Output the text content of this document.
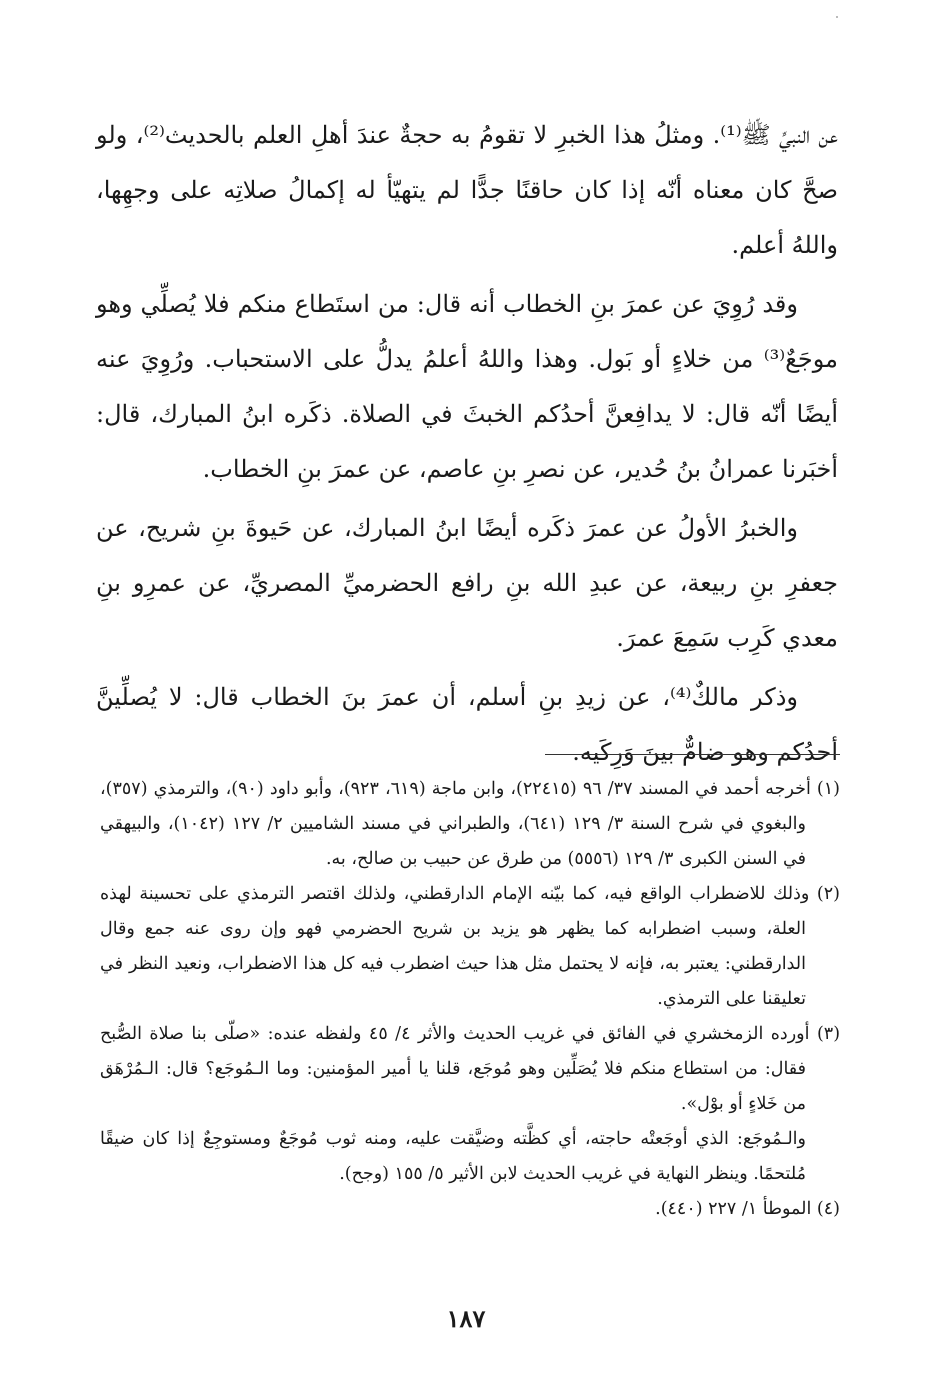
عن النبيِّ ﷺ⁽¹⁾. ومثلُ هذا الخبرِ لا تقومُ به حجةٌ عندَ أهلِ العلم بالحديث⁽²⁾، ولو صحَّ كان معناه أنّه إذا كان حاقنًا جدًّا لم يتهيّأ له إكمالُ صلاتِه على وجهِها، واللهُ أعلم.

وقد رُوِيَ عن عمرَ بنِ الخطاب أنه قال: من استَطاع منكم فلا يُصلِّي وهو موجَعٌ⁽³⁾ من خلاءٍ أو بَول. وهذا واللهُ أعلمُ يدلُّ على الاستحباب. ورُوِيَ عنه أيضًا أنّه قال: لا يدافِعنَّ أحدُكم الخبثَ في الصلاة. ذكَره ابنُ المبارك، قال: أخبَرنا عمرانُ بنُ حُدير، عن نصرِ بنِ عاصم، عن عمرَ بنِ الخطاب.

والخبرُ الأولُ عن عمرَ ذكَره أيضًا ابنُ المبارك، عن حَيوةَ بنِ شريح، عن جعفرِ بنِ ربيعة، عن عبدِ الله بنِ رافع الحضرميِّ المصريِّ، عن عمرِو بنِ معدي كَرِب سَمِعَ عمرَ.

وذكر مالكٌ⁽⁴⁾، عن زيدِ بنِ أسلم، أن عمرَ بنَ الخطاب قال: لا يُصلِّينَّ أحدُكم وهو ضامٌّ بينَ وَرِكَيه.

(١) أخرجه أحمد في المسند ٣٧/ ٩٦ (٢٢٤١٥)، وابن ماجة (٦١٩، ٩٢٣)، وأبو داود (٩٠)، والترمذي (٣٥٧)، والبغوي في شرح السنة ٣/ ١٢٩ (٦٤١)، والطبراني في مسند الشاميين ٢/ ١٢٧ (١٠٤٢)، والبيهقي في السنن الكبرى ٣/ ١٢٩ (٥٥٥٦) من طرق عن حبيب بن صالح، به.

(٢) وذلك للاضطراب الواقع فيه، كما بيّنه الإمام الدارقطني، ولذلك اقتصر الترمذي على تحسينة لهذه العلة، وسبب اضطرابه كما يظهر هو يزيد بن شريح الحضرمي فهو وإن روى عنه جمع وقال الدارقطني: يعتبر به، فإنه لا يحتمل مثل هذا حيث اضطرب فيه كل هذا الاضطراب، ونعيد النظر في تعليقنا على الترمذي.

(٣) أورده الزمخشري في الفائق في غريب الحديث والأثر ٤/ ٤٥ ولفظه عنده: «صلّى بنا صلاة الصُّبح فقال: من استطاع منكم فلا يُصَلِّين وهو مُوجَع، قلنا يا أمير المؤمنين: وما الـمُوجَع؟ قال: الـمُرْهَق من خَلاءٍ أو بوْل».

والـمُوجَع: الذي أوجَعتْه حاجته، أي كظَّته وضيَّقت عليه، ومنه ثوب مُوجَعٌ ومستوجِعٌ إذا كان ضيقًا مُلتحمًا. وينظر النهاية في غريب الحديث لابن الأثير ٥/ ١٥٥ (وجح).

(٤) الموطأ ١/ ٢٢٧ (٤٤٠).

١٨٧
